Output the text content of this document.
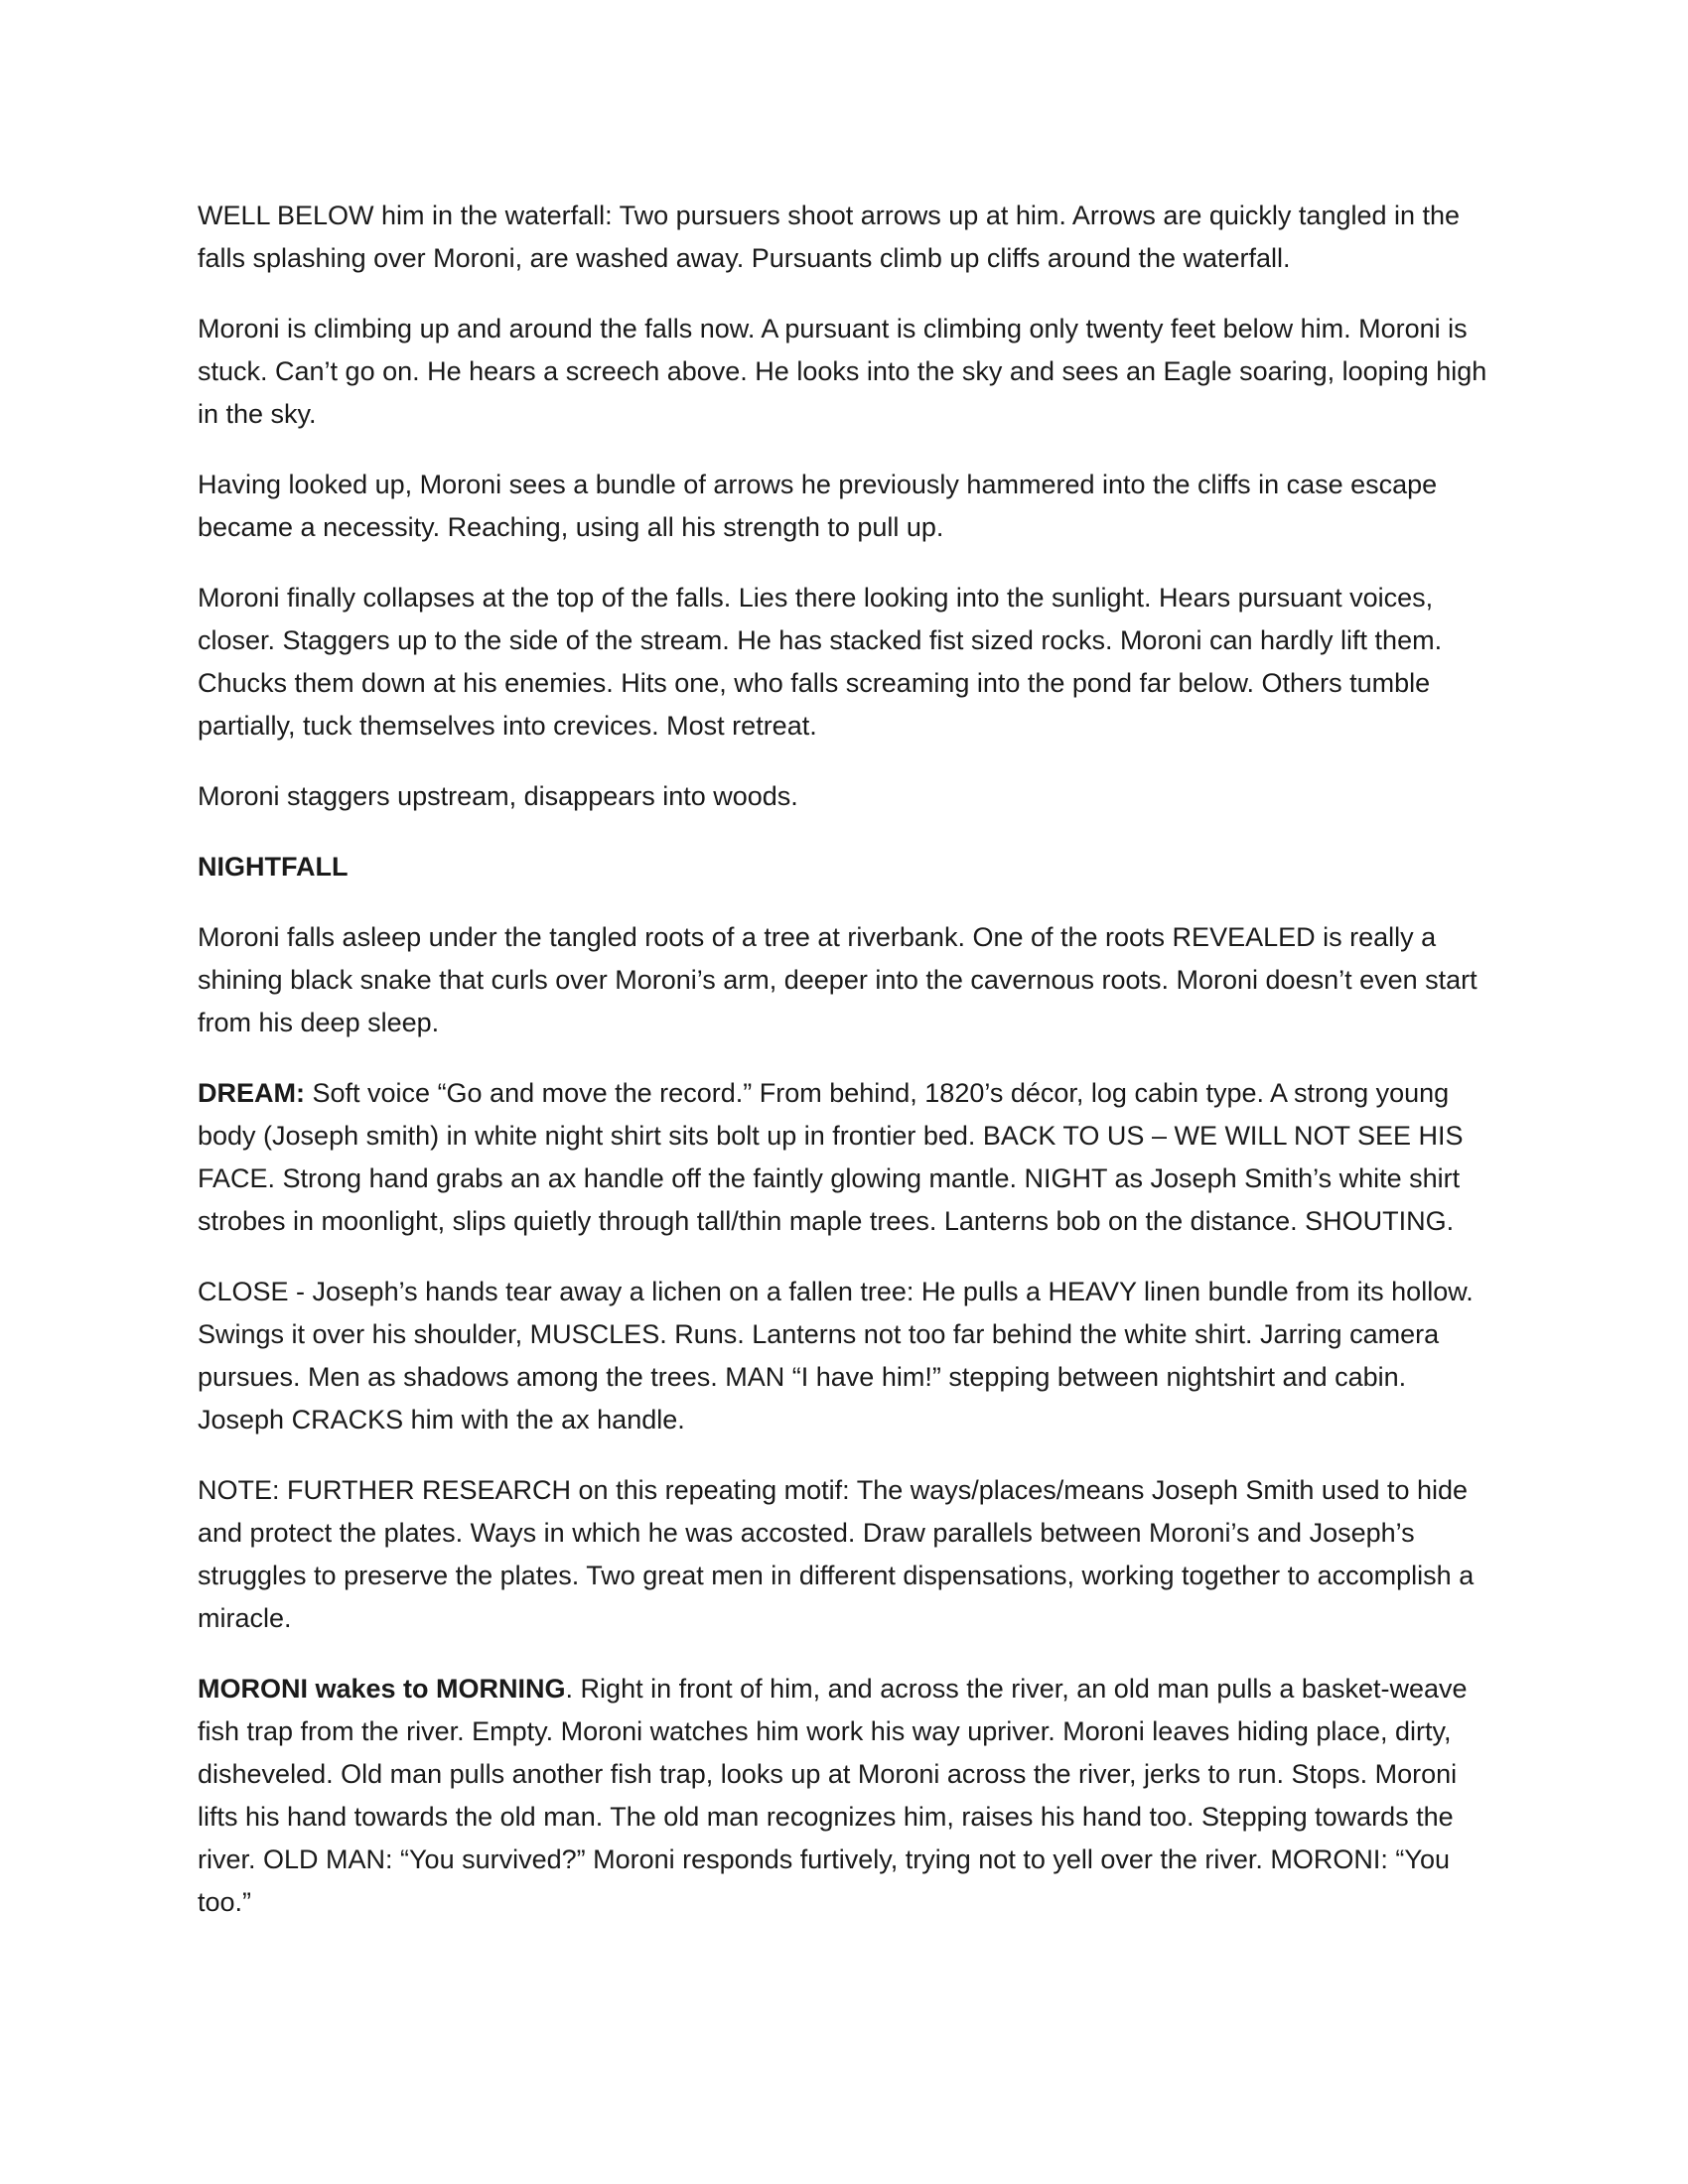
WELL BELOW him in the waterfall: Two pursuers shoot arrows up at him. Arrows are quickly tangled in the falls splashing over Moroni, are washed away. Pursuants climb up cliffs around the waterfall.

Moroni is climbing up and around the falls now. A pursuant is climbing only twenty feet below him. Moroni is stuck. Can’t go on. He hears a screech above. He looks into the sky and sees an Eagle soaring, looping high in the sky.

Having looked up, Moroni sees a bundle of arrows he previously hammered into the cliffs in case escape became a necessity. Reaching, using all his strength to pull up.

Moroni finally collapses at the top of the falls. Lies there looking into the sunlight. Hears pursuant voices, closer. Staggers up to the side of the stream. He has stacked fist sized rocks. Moroni can hardly lift them. Chucks them down at his enemies. Hits one, who falls screaming into the pond far below. Others tumble partially, tuck themselves into crevices. Most retreat.

Moroni staggers upstream, disappears into woods.

NIGHTFALL

Moroni falls asleep under the tangled roots of a tree at riverbank. One of the roots REVEALED is really a shining black snake that curls over Moroni’s arm, deeper into the cavernous roots. Moroni doesn’t even start from his deep sleep.

DREAM: Soft voice “Go and move the record.” From behind, 1820’s décor, log cabin type. A strong young body (Joseph smith) in white night shirt sits bolt up in frontier bed. BACK TO US – WE WILL NOT SEE HIS FACE. Strong hand grabs an ax handle off the faintly glowing mantle. NIGHT as Joseph Smith’s white shirt strobes in moonlight, slips quietly through tall/thin maple trees. Lanterns bob on the distance. SHOUTING.

CLOSE - Joseph’s hands tear away a lichen on a fallen tree: He pulls a HEAVY linen bundle from its hollow. Swings it over his shoulder, MUSCLES. Runs. Lanterns not too far behind the white shirt. Jarring camera pursues. Men as shadows among the trees. MAN “I have him!” stepping between nightshirt and cabin. Joseph CRACKS him with the ax handle.

NOTE: FURTHER RESEARCH on this repeating motif: The ways/places/means Joseph Smith used to hide and protect the plates. Ways in which he was accosted. Draw parallels between Moroni’s and Joseph’s struggles to preserve the plates. Two great men in different dispensations, working together to accomplish a miracle.

MORONI wakes to MORNING. Right in front of him, and across the river, an old man pulls a basket-weave fish trap from the river. Empty. Moroni watches him work his way upriver. Moroni leaves hiding place, dirty, disheveled. Old man pulls another fish trap, looks up at Moroni across the river, jerks to run. Stops. Moroni lifts his hand towards the old man. The old man recognizes him, raises his hand too. Stepping towards the river. OLD MAN: “You survived?” Moroni responds furtively, trying not to yell over the river. MORONI: “You too.”
